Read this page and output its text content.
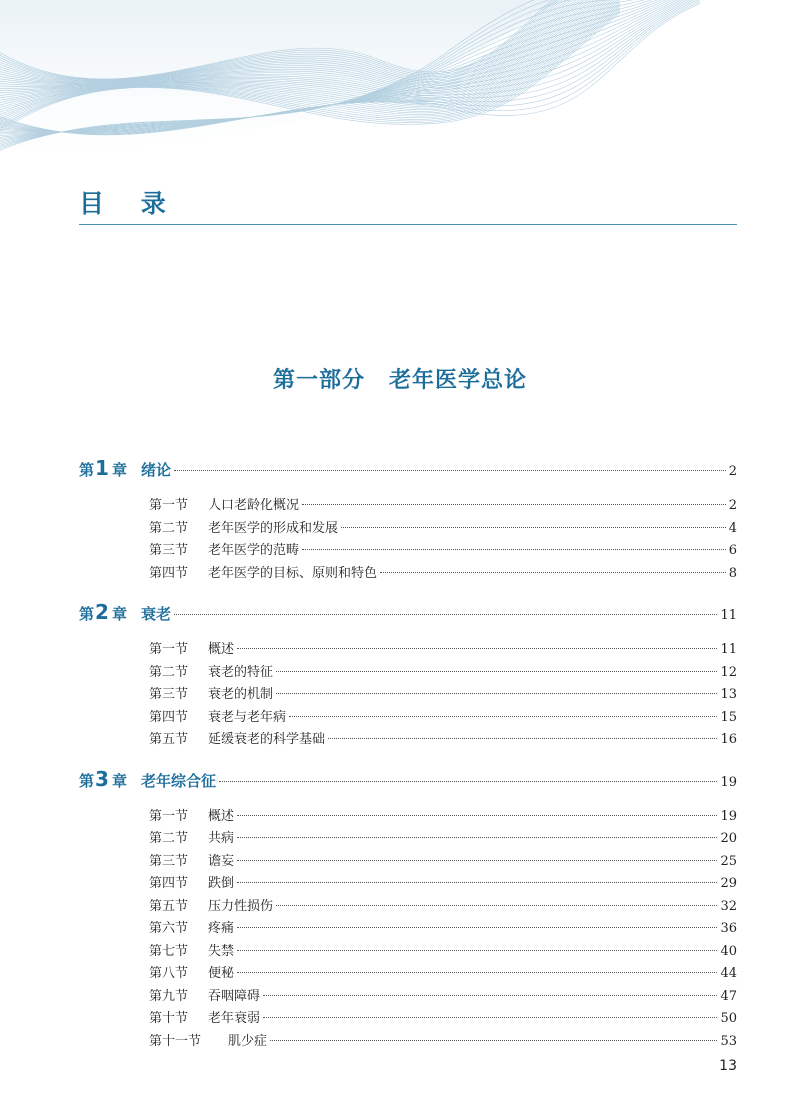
目 录
第一部分 老年医学总论
第1 章 绪论	2
第一节	人口老龄化概况	2
第二节	老年医学的形成和发展	4
第三节	老年医学的范畴	6
第四节	老年医学的目标、原则和特色	8
第2 章 衰老	11
第一节	概述	11
第二节	衰老的特征	12
第三节	衰老的机制	13
第四节	衰老与老年病	15
第五节	延缓衰老的科学基础	16
第3 章 老年综合征	19
第一节	概述	19
第二节	共病	20
第三节	谵妄	25
第四节	跌倒	29
第五节	压力性损伤	32
第六节	疼痛	36
第七节	失禁	40
第八节	便秘	44
第九节	吞咽障碍	47
第十节	老年衰弱	50
第十一节	肌少症	53
13
